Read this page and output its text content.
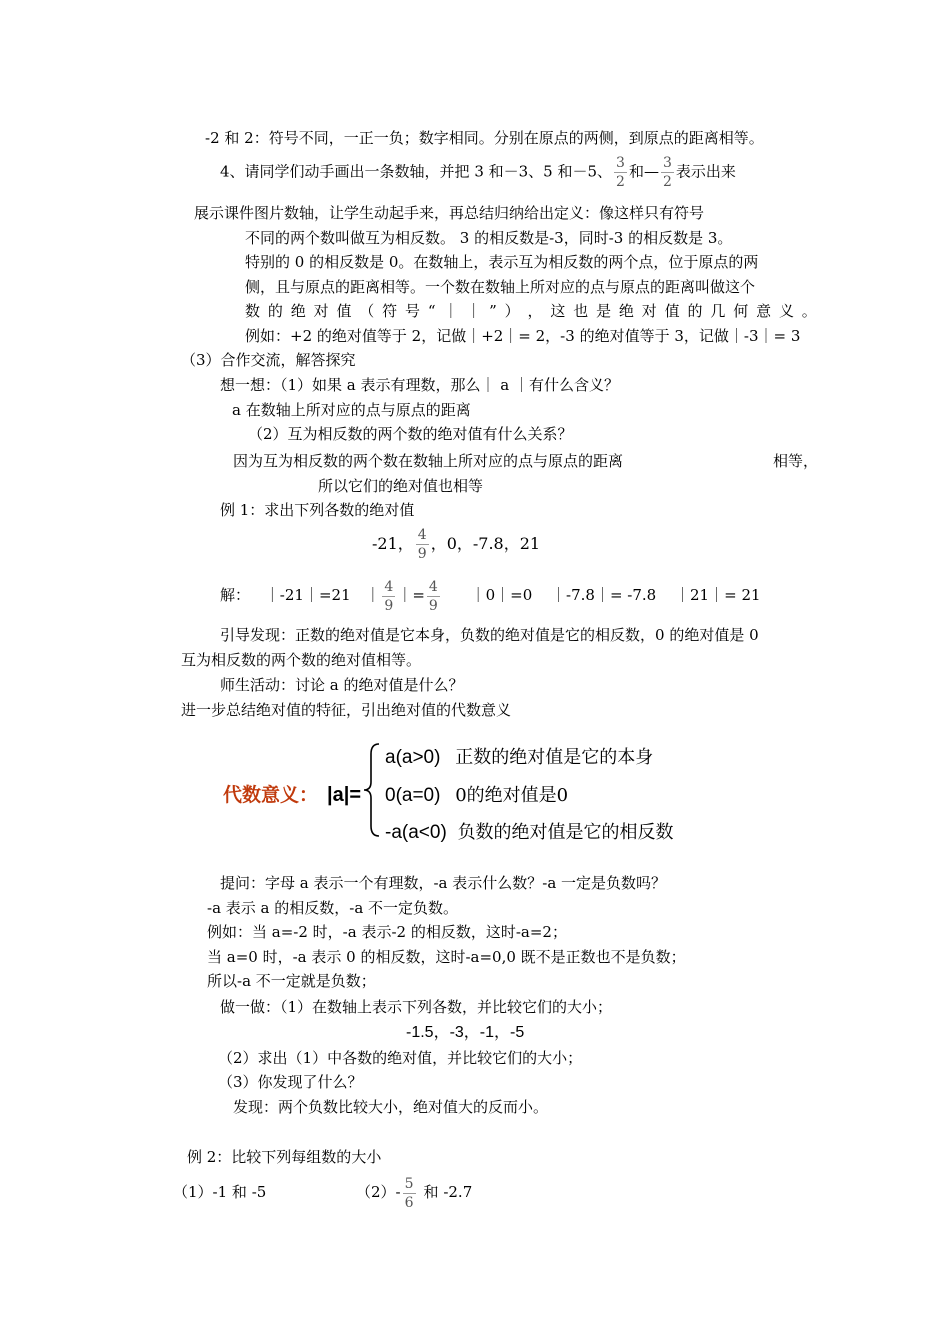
-2 和 2：符号不同，一正一负；数字相同。分别在原点的两侧，到原点的距离相等。
4、请同学们动手画出一条数轴，并把 3 和－3、5 和－5、 $\frac{3}{2}$ 和— $\frac{3}{2}$ 表示出来
展示课件图片数轴，让学生动起手来，再总结归纳给出定义：像这样只有符号
不同的两个数叫做互为相反数。 3 的相反数是-3，同时-3 的相反数是 3。
特别的 0 的相反数是 0。在数轴上，表示互为相反数的两个点，位于原点的两
侧，且与原点的距离相等。一个数在数轴上所对应的点与原点的距离叫做这个
数 的 绝 对 值 （ 符 号 “ ｜ ｜ ” ） ， 这 也 是 绝 对 值 的 几 何 意 义 。
例如：+2 的绝对值等于 2，记做｜+2｜= 2，-3 的绝对值等于 3，记做｜-3｜= 3
（3）合作交流，解答探究
想一想：（1）如果 a 表示有理数，那么｜ a ｜有什么含义？
a 在数轴上所对应的点与原点的距离
（2）互为相反数的两个数的绝对值有什么关系？
因为互为相反数的两个数在数轴上所对应的点与原点的距离	相等，
所以它们的绝对值也相等
例 1：求出下列各数的绝对值
-21， $\frac{4}{9}$ ，0，-7.8，21
解： ｜-21｜=21 ｜ $\frac{4}{9}$ ｜= $\frac{4}{9}$ ｜0｜=0 ｜-7.8｜= -7.8 ｜21｜= 21
引导发现：正数的绝对值是它本身，负数的绝对值是它的相反数，0 的绝对值是 0
互为相反数的两个数的绝对值相等。
师生活动：讨论 a 的绝对值是什么？
进一步总结绝对值的特征，引出绝对值的代数意义
代数意义： |a|=
a(a>0) 正数的绝对值是它的本身
0(a=0) 0的绝对值是0
-a(a<0) 负数的绝对值是它的相反数
提问：字母 a 表示一个有理数，-a 表示什么数？-a 一定是负数吗？
-a 表示 a 的相反数，-a 不一定负数。
例如：当 a=-2 时，-a 表示-2 的相反数，这时-a=2；
当 a=0 时，-a 表示 0 的相反数，这时-a=0,0 既不是正数也不是负数；
所以-a 不一定就是负数；
做一做：（1）在数轴上表示下列各数，并比较它们的大小；
-1.5，-3，-1，-5
（2）求出（1）中各数的绝对值，并比较它们的大小；
（3）你发现了什么？
发现：两个负数比较大小，绝对值大的反而小。
例 2：比较下列每组数的大小
（1）-1 和 -5	$(2)- \frac{5}{6}$ 和 -2.7
